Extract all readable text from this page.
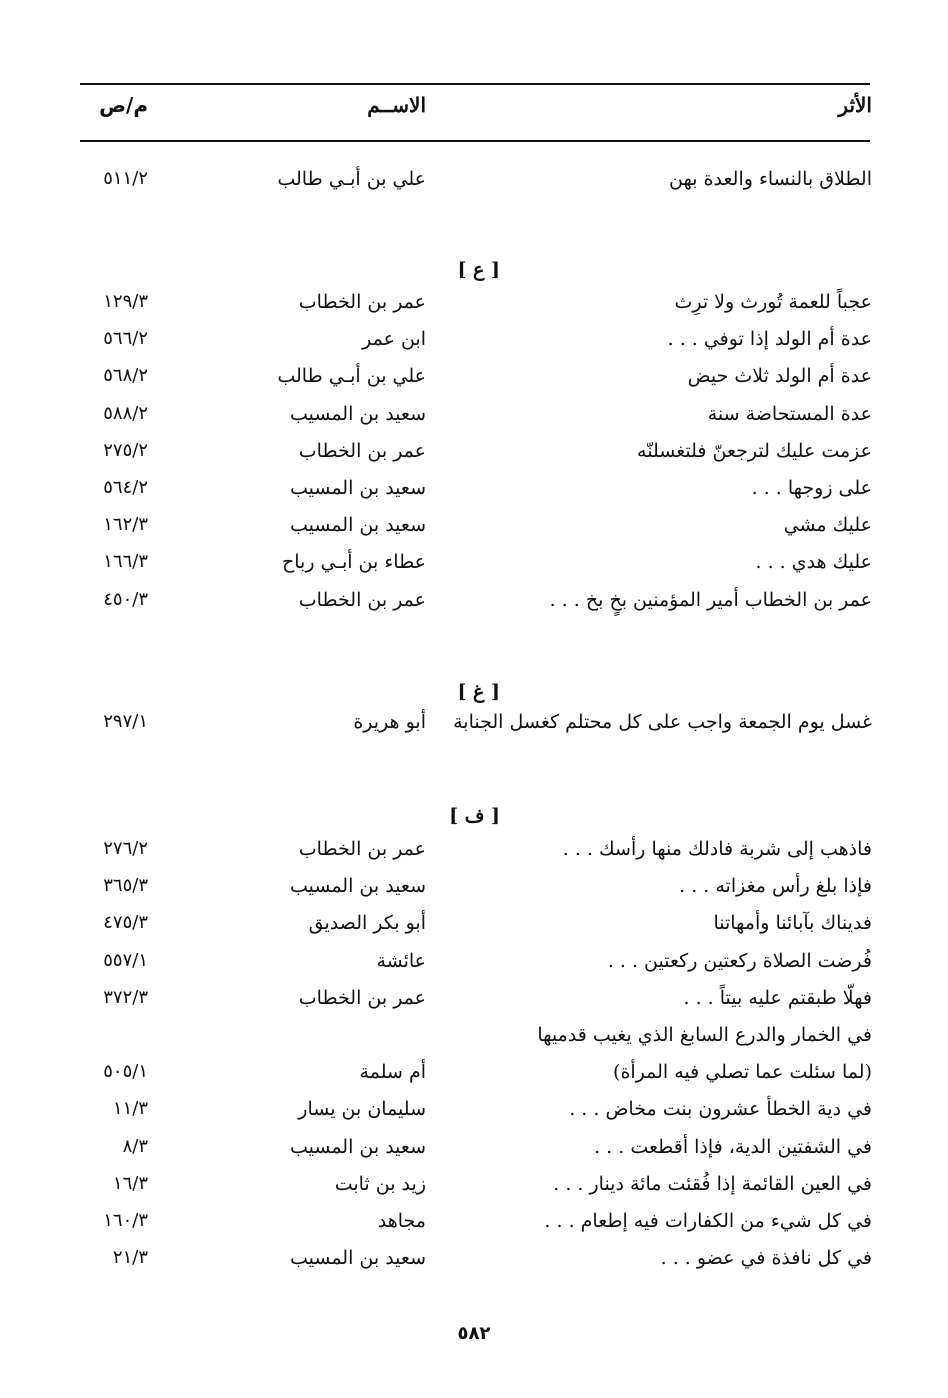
الأثر
الاســم
م/ص
الطلاق بالنساء والعدة بهن
علي بن أبـي طالب
٥١١/٢
[ ع ]
عجباً للعمة تُورث ولا ترِث
عمر بن الخطاب
١٢٩/٣
عدة أم الولد إذا توفي . . .
ابن عمر
٥٦٦/٢
عدة أم الولد ثلاث حيض
علي بن أبـي طالب
٥٦٨/٢
عدة المستحاضة سنة
سعيد بن المسيب
٥٨٨/٢
عزمت عليك لترجعنّ فلتغسلنّه
عمر بن الخطاب
٢٧٥/٢
على زوجها . . .
سعيد بن المسيب
٥٦٤/٢
عليك مشي
سعيد بن المسيب
١٦٢/٣
عليك هدي . . .
عطاء بن أبـي رباح
١٦٦/٣
عمر بن الخطاب أمير المؤمنين بخٍ بخ . . .
عمر بن الخطاب
٤٥٠/٣
[ غ ]
غسل يوم الجمعة واجب على كل محتلم كغسل الجنابة
أبو هريرة
٢٩٧/١
[ ف ]
فاذهب إلى شربة فادلك منها رأسك . . .
عمر بن الخطاب
٢٧٦/٢
فإذا بلغ رأس مغزاته . . .
سعيد بن المسيب
٣٦٥/٣
فديناك بآبائنا وأمهاتنا
أبو بكر الصديق
٤٧٥/٣
فُرضت الصلاة ركعتين ركعتين . . .
عائشة
٥٥٧/١
فهلّا طبقتم عليه بيتاً . . .
عمر بن الخطاب
٣٧٢/٣
في الخمار والدرع السابغ الذي يغيب قدميها
(لما سئلت عما تصلي فيه المرأة)
أم سلمة
٥٠٥/١
في دية الخطأ عشرون بنت مخاض . . .
سليمان بن يسار
١١/٣
في الشفتين الدية، فإذا أقطعت . . .
سعيد بن المسيب
٨/٣
في العين القائمة إذا فُقئت مائة دينار . . .
زيد بن ثابت
١٦/٣
في كل شيء من الكفارات فيه إطعام . . .
مجاهد
١٦٠/٣
في كل نافذة في عضو . . .
سعيد بن المسيب
٢١/٣
٥٨٢
